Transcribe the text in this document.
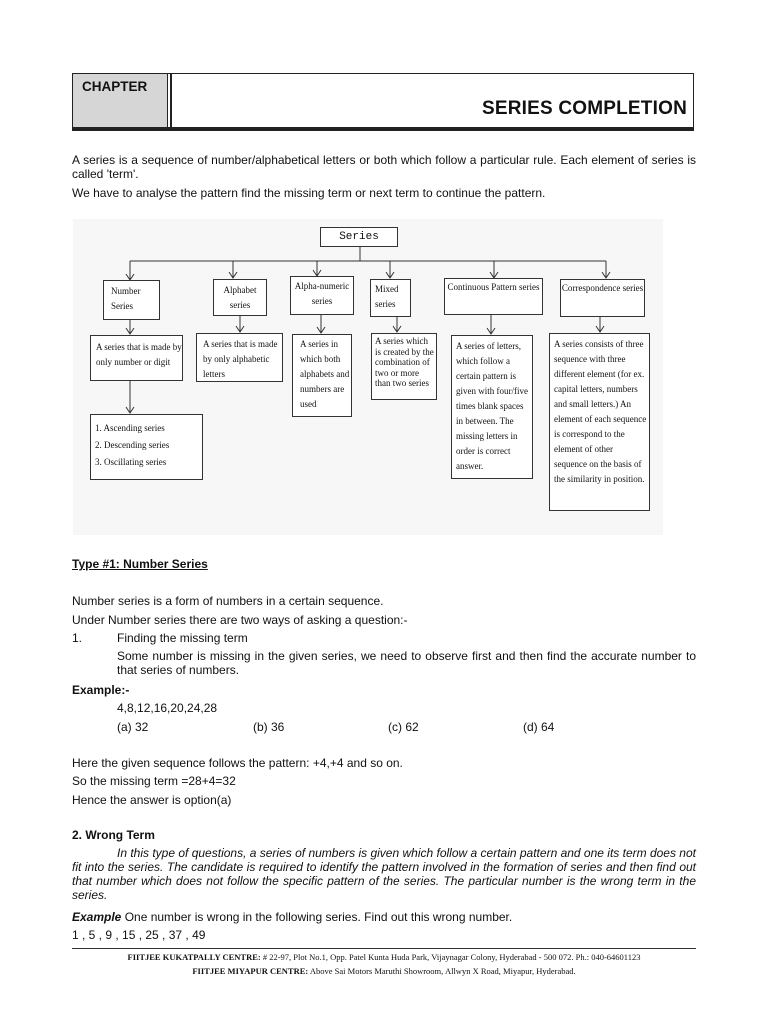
CHAPTER
SERIES COMPLETION
A series is a sequence of number/alphabetical letters or both which follow a particular rule. Each element of series is called 'term'.
We have to analyse the pattern find the missing term or next term to continue the pattern.
Series
Number Series
Alphabet series
Alpha-numeric series
Mixed series
Continuous Pattern series	Correspondence series
A series that is made by only number or digit
A series that is made by only alphabetic letters
A series in which both alphabets and numbers are used
A series which is created by the combination of two or more than two series
A series of letters, which follow a certain pattern is given with four/five times blank spaces in between. The missing letters in order is correct answer.
A series consists of three sequence with three different element (for ex. capital letters, numbers and small letters.) An element of each sequence is correspond to the element of other sequence on the basis of the similarity in position.
1. Ascending series
2. Descending series
3. Oscillating series
Type #1: Number Series
Number series is a form of numbers in a certain sequence.
Under Number series there are two ways of asking a question:-
1.	Finding the missing term
Some number is missing in the given series, we need to observe first and then find the accurate number to that series of numbers.
Example:-
4,8,12,16,20,24,28
(a) 32	(b) 36	(c) 62	(d) 64
Here the given sequence follows the pattern: +4,+4 and so on.
So the missing term =28+4=32
Hence the answer is option(a)
2. Wrong Term
In this type of questions, a series of numbers is given which follow a certain pattern and one its term does not fit into the series. The candidate is required to identify the pattern involved in the formation of series and then find out that number which does not follow the specific pattern of the series. The particular number is the wrong term in the series.
Example One number is wrong in the following series. Find out this wrong number.
1 , 5 , 9 , 15 , 25 , 37 , 49
FIITJEE KUKATPALLY CENTRE: # 22-97, Plot No.1, Opp. Patel Kunta Huda Park, Vijaynagar Colony, Hyderabad - 500 072. Ph.: 040-64601123
FIITJEE MIYAPUR CENTRE: Above Sai Motors Maruthi Showroom, Allwyn X Road, Miyapur, Hyderabad.
